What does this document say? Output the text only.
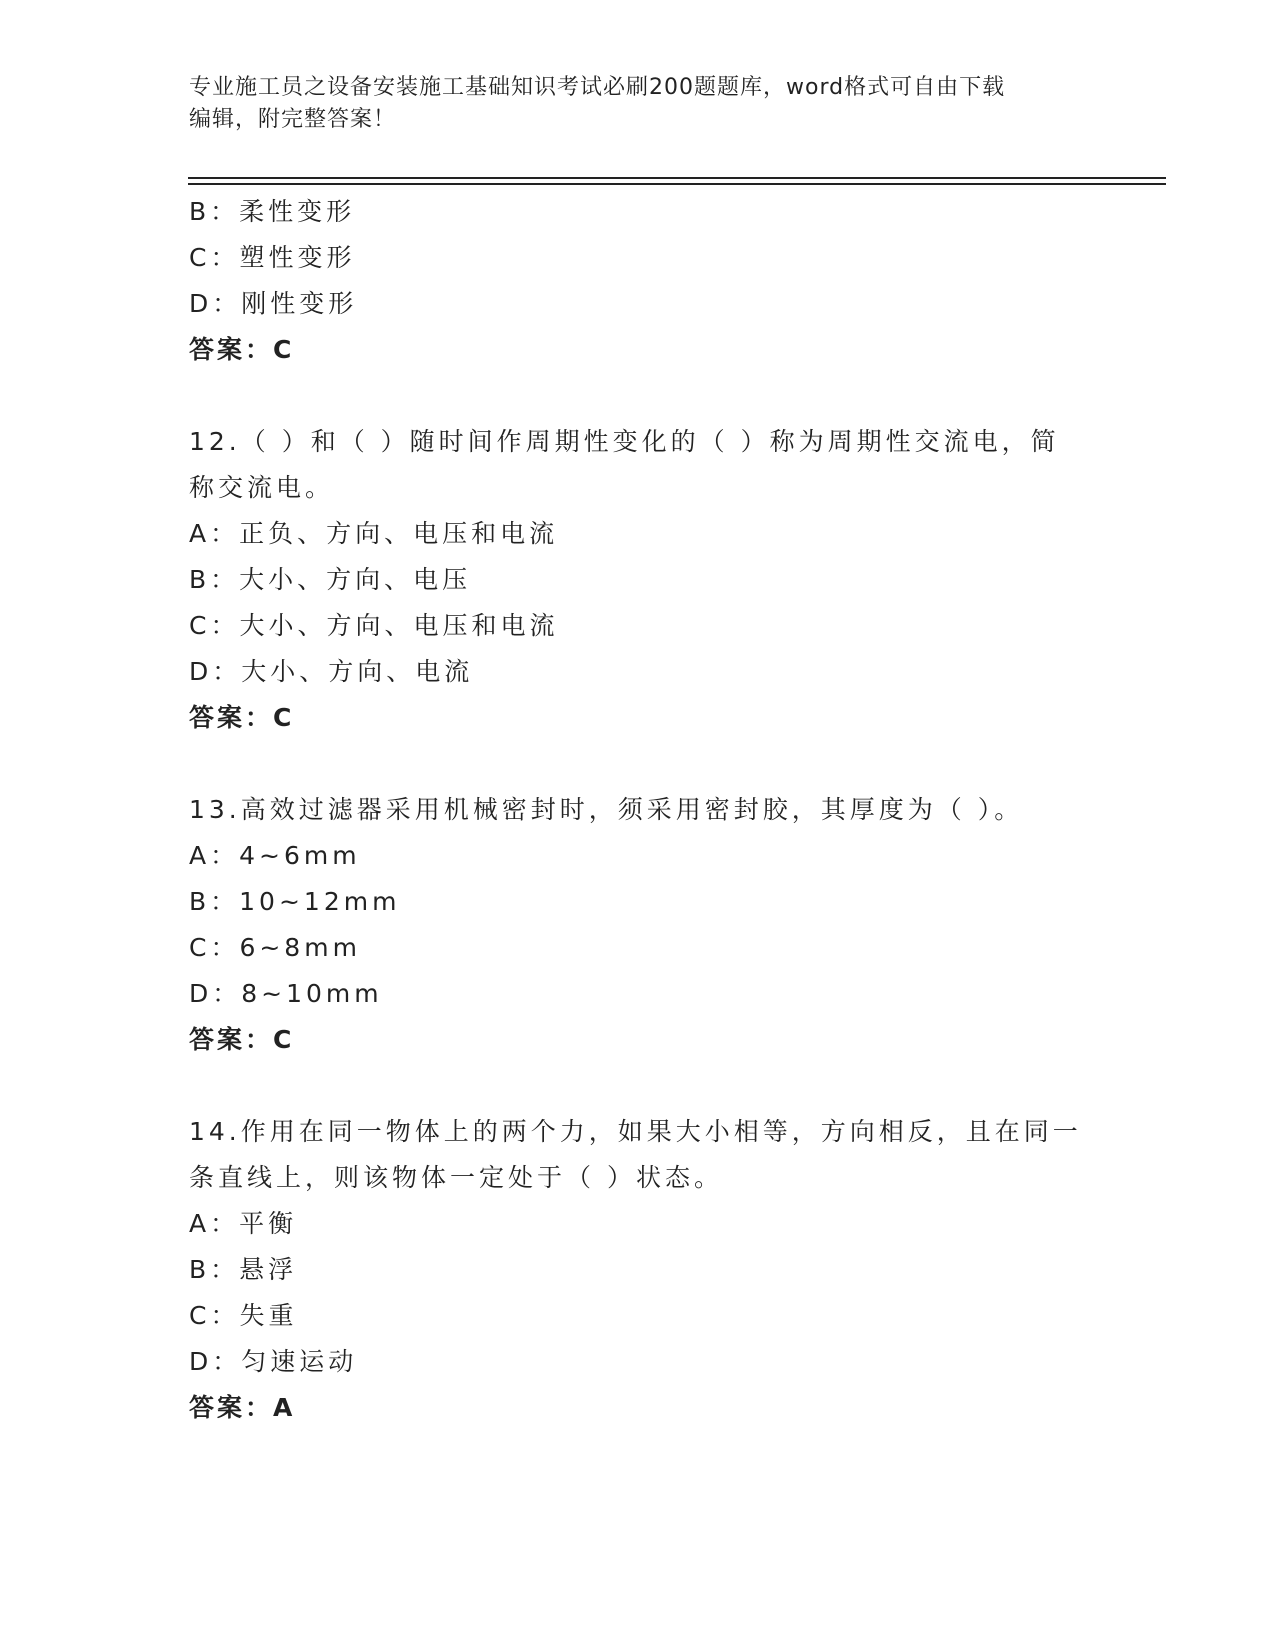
专业施工员之设备安装施工基础知识考试必刷200题题库，word格式可自由下载
编辑，附完整答案！
B：柔性变形
C：塑性变形
D：刚性变形
答案：C
12.（ ）和（ ）随时间作周期性变化的（ ）称为周期性交流电，简
称交流电。
A：正负、方向、电压和电流
B：大小、方向、电压
C：大小、方向、电压和电流
D：大小、方向、电流
答案：C
13.高效过滤器采用机械密封时，须采用密封胶，其厚度为（ ）。
A：4~6mm
B：10~12mm
C：6~8mm
D：8~10mm
答案：C
14.作用在同一物体上的两个力，如果大小相等，方向相反，且在同一
条直线上，则该物体一定处于（ ）状态。
A：平衡
B：悬浮
C：失重
D：匀速运动
答案：A
